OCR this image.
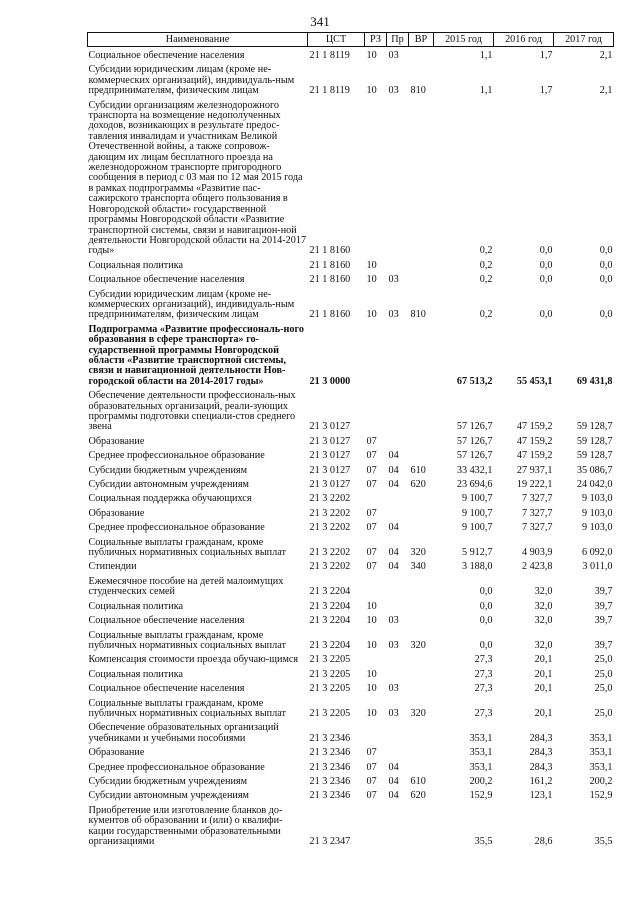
341
Наименование	ЦСТ	РЗ	Пр	ВР	2015 год	2016 год	2017 год
Социальное обеспечение населения	21 1 8119	10	03		1,1	1,7	2,1
Субсидии юридическим лицам (кроме не-коммерческих организаций), индивидуаль-ным предпринимателям, физическим лицам	21 1 8119	10	03	810	1,1	1,7	2,1
Субсидии организациям железнодорожного транспорта на возмещение недополученных доходов, возникающих в результате предос-тавления инвалидам и участникам Великой Отечественной войны, а также сопровож-дающим их лицам бесплатного проезда на железнодорожном транспорте пригородного сообщения в период с 03 мая по 12 мая 2015 года в рамках подпрограммы «Развитие пас-сажирского транспорта общего пользования в Новгородской области» государственной программы Новгородской области «Развитие транспортной системы, связи и навигацион-ной деятельности Новгородской области на 2014-2017 годы»	21 1 8160				0,2	0,0	0,0
Социальная политика	21 1 8160	10			0,2	0,0	0,0
Социальное обеспечение населения	21 1 8160	10	03		0,2	0,0	0,0
Субсидии юридическим лицам (кроме не-коммерческих организаций), индивидуаль-ным предпринимателям, физическим лицам	21 1 8160	10	03	810	0,2	0,0	0,0
Подпрограмма «Развитие профессиональ-ного образования в сфере транспорта» го-сударственной программы Новгородской области «Развитие транспортной системы, связи и навигационной деятельности Нов-городской области на 2014-2017 годы»	21 3 0000				67 513,2	55 453,1	69 431,8
Обеспечение деятельности профессиональ-ных образовательных организаций, реали-зующих программы подготовки специали-стов среднего звена	21 3 0127				57 126,7	47 159,2	59 128,7
Образование	21 3 0127	07			57 126,7	47 159,2	59 128,7
Среднее профессиональное образование	21 3 0127	07	04		57 126,7	47 159,2	59 128,7
Субсидии бюджетным учреждениям	21 3 0127	07	04	610	33 432,1	27 937,1	35 086,7
Субсидии автономным учреждениям	21 3 0127	07	04	620	23 694,6	19 222,1	24 042,0
Социальная поддержка обучающихся	21 3 2202				9 100,7	7 327,7	9 103,0
Образование	21 3 2202	07			9 100,7	7 327,7	9 103,0
Среднее профессиональное образование	21 3 2202	07	04		9 100,7	7 327,7	9 103,0
Социальные выплаты гражданам, кроме публичных нормативных социальных выплат	21 3 2202	07	04	320	5 912,7	4 903,9	6 092,0
Стипендии	21 3 2202	07	04	340	3 188,0	2 423,8	3 011,0
Ежемесячное пособие на детей малоимущих студенческих семей	21 3 2204				0,0	32,0	39,7
Социальная политика	21 3 2204	10			0,0	32,0	39,7
Социальное обеспечение населения	21 3 2204	10	03		0,0	32,0	39,7
Социальные выплаты гражданам, кроме публичных нормативных социальных выплат	21 3 2204	10	03	320	0,0	32,0	39,7
Компенсация стоимости проезда обучаю-щимся	21 3 2205				27,3	20,1	25,0
Социальная политика	21 3 2205	10			27,3	20,1	25,0
Социальное обеспечение населения	21 3 2205	10	03		27,3	20,1	25,0
Социальные выплаты гражданам, кроме публичных нормативных социальных выплат	21 3 2205	10	03	320	27,3	20,1	25,0
Обеспечение образовательных организаций учебниками и учебными пособиями	21 3 2346				353,1	284,3	353,1
Образование	21 3 2346	07			353,1	284,3	353,1
Среднее профессиональное образование	21 3 2346	07	04		353,1	284,3	353,1
Субсидии бюджетным учреждениям	21 3 2346	07	04	610	200,2	161,2	200,2
Субсидии автономным учреждениям	21 3 2346	07	04	620	152,9	123,1	152,9
Приобретение или изготовление бланков до-кументов об образовании и (или) о квалифи-кации государственными образовательными организациями	21 3 2347				35,5	28,6	35,5
